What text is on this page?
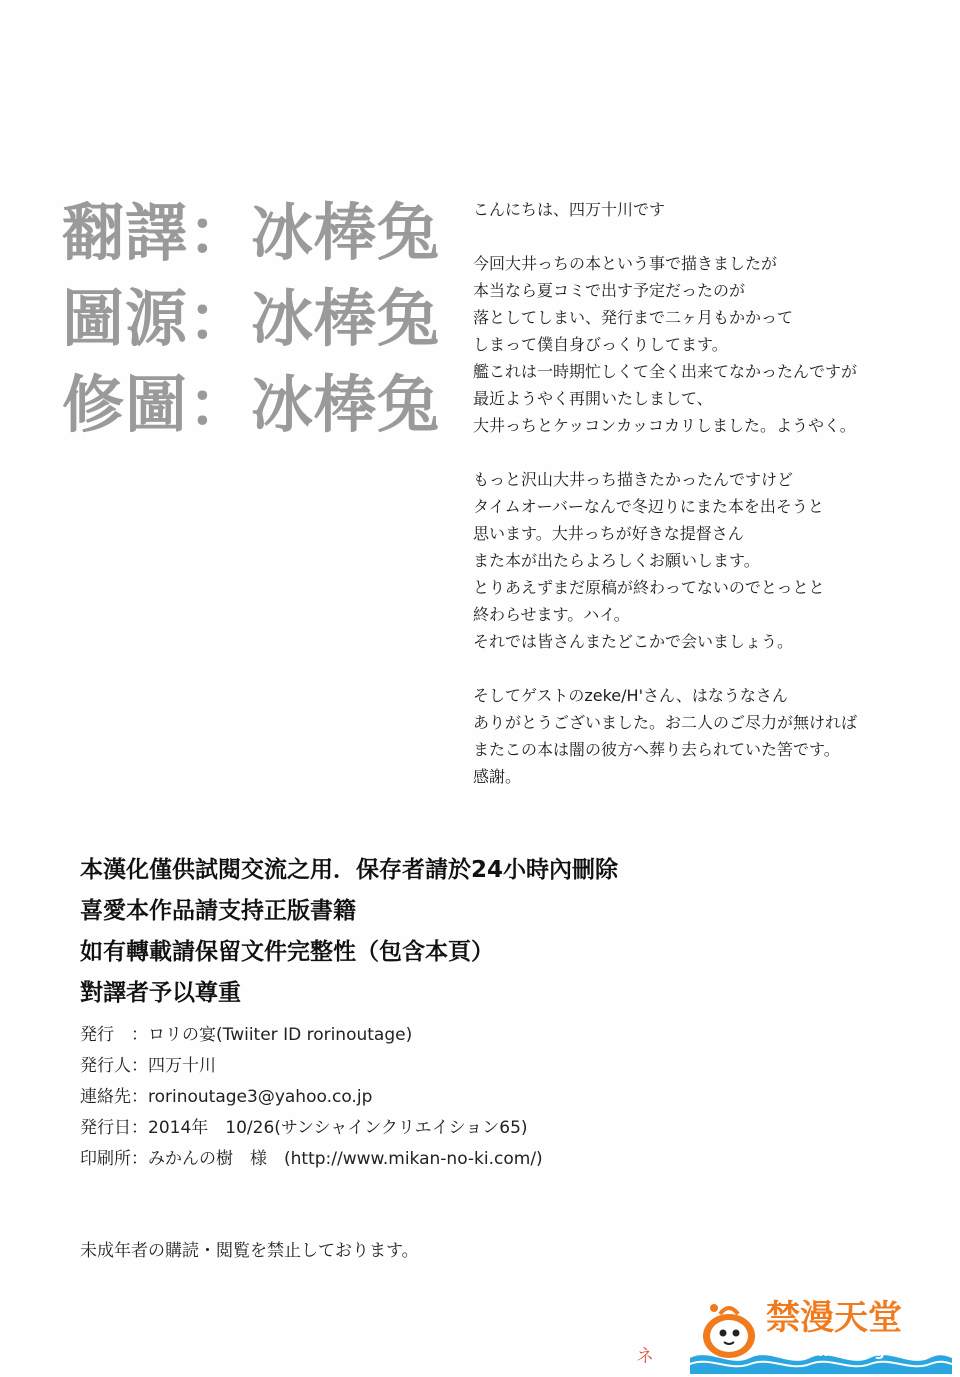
翻譯：冰棒兔
圖源：冰棒兔
修圖：冰棒兔
こんにちは、四万十川です
今回大井っちの本という事で描きましたが
本当なら夏コミで出す予定だったのが
落としてしまい、発行まで二ヶ月もかかって
しまって僕自身びっくりしてます。
艦これは一時期忙しくて全く出来てなかったんですが
最近ようやく再開いたしまして、
大井っちとケッコンカッコカリしました。ようやく。
もっと沢山大井っち描きたかったんですけど
タイムオーバーなんで冬辺りにまた本を出そうと
思います。大井っちが好きな提督さん
また本が出たらよろしくお願いします。
とりあえずまだ原稿が終わってないのでとっとと
終わらせます。ハイ。
それでは皆さんまたどこかで会いましょう。
そしてゲストのzeke/H'さん、はなうなさん
ありがとうございました。お二人のご尽力が無ければ
またこの本は闇の彼方へ葬り去られていた筈です。
感謝。
本漢化僅供試閱交流之用．保存者請於24小時內刪除
喜愛本作品請支持正版書籍
如有轉載請保留文件完整性（包含本頁）
對譯者予以尊重
発行　：ロリの宴(Twiiter ID rorinoutage)
発行人：四万十川
連絡先：rorinoutage3@yahoo.co.jp
発行日：2014年　10/26(サンシャインクリエイション65)
印刷所：みかんの樹　様　(http://www.mikan-no-ki.com/)
未成年者の購読・閲覧を禁止しております。
ネ
禁漫天堂
18comic.org
